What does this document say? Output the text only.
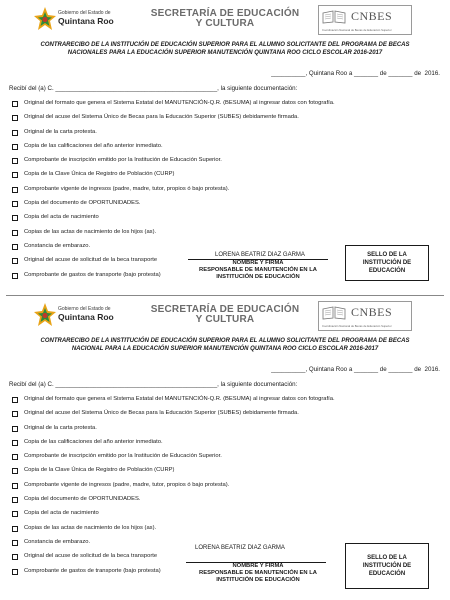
Gobierno del Estado de
Quintana Roo
SECRETARÍA DE EDUCACIÓN
Y CULTURA
CNBES
Coordinación Nacional de Becas de Educación Superior
CONTRARECIBO DE LA INSTITUCIÓN DE EDUCACIÓN SUPERIOR PARA EL ALUMNO SOLICITANTE DEL PROGRAMA DE BECAS
NACIONALES PARA LA EDUCACIÓN SUPERIOR MANUTENCIÓN QUINTANA ROO CICLO ESCOLAR 2016-2017
__________, Quintana Roo a _______ de _______ de  2016.
Recibí del (a) C. _______________________________________________, la siguiente documentación:
Original del formato que genera el Sistema Estatal del MANUTENCIÓN-Q.R. (BESUMA) al ingresar datos con fotografía.
Original del acuse del Sistema Único de Becas para la Educación Superior (SUBES) debidamente firmada.
Original de la carta protesta.
Copia de las calificaciones del año anterior inmediato.
Comprobante de inscripción emitido por la Institución de Educación Superior.
Copia de la Clave Única de Registro de Población (CURP)
Comprobante vigente de ingresos (padre, madre, tutor, propios ó bajo protesta).
Copia del documento de OPORTUNIDADES.
Copia del acta de nacimiento
Copias de las actas de nacimiento de los hijos (as).
Constancia de embarazo.
Original del acuse de solicitud de la beca transporte
Comprobante de gastos de transporte (bajo protesta)
LORENA BEATRIZ DIAZ GARMA
NOMBRE Y FIRMA
RESPONSABLE DE MANUTENCIÓN EN LA
INSTITUCIÓN DE EDUCACIÓN
SELLO DE LA INSTITUCIÓN DE EDUCACIÓN
Gobierno del Estado de
Quintana Roo
SECRETARÍA DE EDUCACIÓN
Y CULTURA
CNBES
Coordinación Nacional de Becas de Educación Superior
CONTRARECIBO DE LA INSTITUCIÓN DE EDUCACIÓN SUPERIOR PARA EL ALUMNO SOLICITANTE DEL PROGRAMA DE BECAS
NACIONAL PARA LA EDUCACIÓN SUPERIOR MANUTENCIÓN QUINTANA ROO CICLO ESCOLAR 2016-2017
__________, Quintana Roo a _______ de _______ de  2016.
Recibí del (a) C. _______________________________________________, la siguiente documentación:
Original del formato que genera el Sistema Estatal del MANUTENCIÓN-Q.R. (BESUMA) al ingresar datos con fotografía.
Original del acuse del Sistema Único de Becas para la Educación Superior (SUBES) debidamente firmada.
Original de la carta protesta.
Copia de las calificaciones del año anterior inmediato.
Comprobante de inscripción emitido por la Institución de Educación Superior.
Copia de la Clave Única de Registro de Población (CURP)
Comprobante vigente de ingresos (padre, madre, tutor, propios ó bajo protesta).
Copia del documento de OPORTUNIDADES.
Copia del acta de nacimiento
Copias de las actas de nacimiento de los hijos (as).
Constancia de embarazo.
Original del acuse de solicitud de la beca transporte
Comprobante de gastos de transporte (bajo protesta)
LORENA BEATRIZ DIAZ GARMA
NOMBRE Y FIRMA
RESPONSABLE DE MANUTENCIÓN EN LA
INSTITUCIÓN DE EDUCACIÓN
SELLO DE LA INSTITUCIÓN DE EDUCACIÓN
